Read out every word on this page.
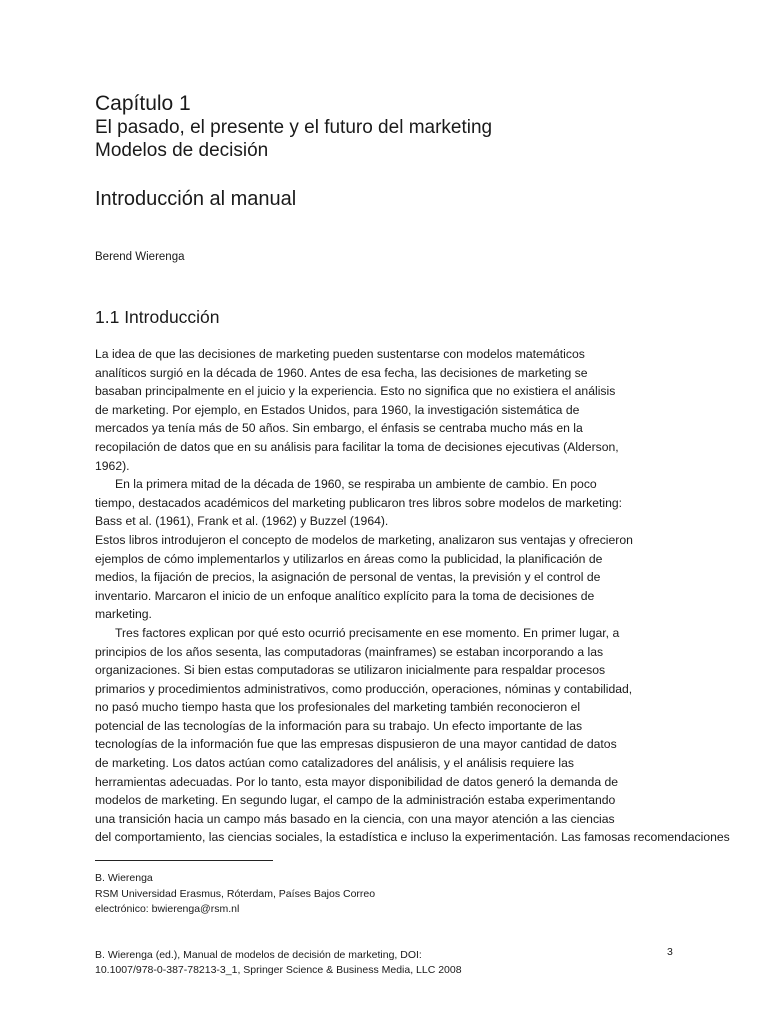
Capítulo 1

El pasado, el presente y el futuro del marketing

Modelos de decisión

Introducción al manual

Berend Wierenga

1.1 Introducción
La idea de que las decisiones de marketing pueden sustentarse con modelos matemáticos
analíticos surgió en la década de 1960. Antes de esa fecha, las decisiones de marketing se
basaban principalmente en el juicio y la experiencia. Esto no significa que no existiera el análisis
de marketing. Por ejemplo, en Estados Unidos, para 1960, la investigación sistemática de
mercados ya tenía más de 50 años. Sin embargo, el énfasis se centraba mucho más en la
recopilación de datos que en su análisis para facilitar la toma de decisiones ejecutivas (Alderson,
1962).
En la primera mitad de la década de 1960, se respiraba un ambiente de cambio. En poco
tiempo, destacados académicos del marketing publicaron tres libros sobre modelos de marketing:
Bass et al. (1961), Frank et al. (1962) y Buzzel (1964).
Estos libros introdujeron el concepto de modelos de marketing, analizaron sus ventajas y ofrecieron
ejemplos de cómo implementarlos y utilizarlos en áreas como la publicidad, la planificación de
medios, la fijación de precios, la asignación de personal de ventas, la previsión y el control de
inventario. Marcaron el inicio de un enfoque analítico explícito para la toma de decisiones de
marketing.
Tres factores explican por qué esto ocurrió precisamente en ese momento. En primer lugar, a
principios de los años sesenta, las computadoras (mainframes) se estaban incorporando a las
organizaciones. Si bien estas computadoras se utilizaron inicialmente para respaldar procesos
primarios y procedimientos administrativos, como producción, operaciones, nóminas y contabilidad,
no pasó mucho tiempo hasta que los profesionales del marketing también reconocieron el
potencial de las tecnologías de la información para su trabajo. Un efecto importante de las
tecnologías de la información fue que las empresas dispusieron de una mayor cantidad de datos
de marketing. Los datos actúan como catalizadores del análisis, y el análisis requiere las
herramientas adecuadas. Por lo tanto, esta mayor disponibilidad de datos generó la demanda de
modelos de marketing. En segundo lugar, el campo de la administración estaba experimentando
una transición hacia un campo más basado en la ciencia, con una mayor atención a las ciencias
del comportamiento, las ciencias sociales, la estadística e incluso la experimentación. Las famosas recomendaciones
B. Wierenga
RSM Universidad Erasmus, Róterdam, Países Bajos Correo
electrónico: bwierenga@rsm.nl
B. Wierenga (ed.), Manual de modelos de decisión de marketing, DOI:
10.1007/978-0-387-78213-3_1, Springer Science & Business Media, LLC 2008
3
